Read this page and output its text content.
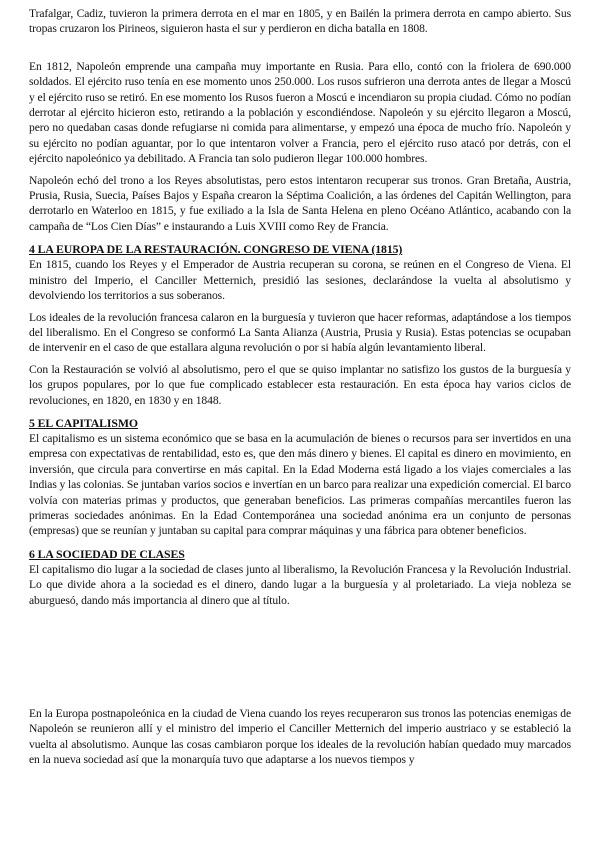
Trafalgar, Cadiz, tuvieron la primera derrota en el mar en 1805, y en Bailén la primera derrota en campo abierto. Sus tropas cruzaron los Pirineos, siguieron hasta el sur y perdieron en dicha batalla en 1808.

En 1812, Napoleón emprende una campaña muy importante en Rusia. Para ello, contó con la friolera de 690.000 soldados. El ejército ruso tenía en ese momento unos 250.000. Los rusos sufrieron una derrota antes de llegar a Moscú y el ejército ruso se retiró. En ese momento los Rusos fueron a Moscú e incendiaron su propia ciudad. Cómo no podían derrotar al ejército hicieron esto, retirando a la población y escondiéndose. Napoleón y su ejército llegaron a Moscú, pero no quedaban casas donde refugiarse ni comida para alimentarse, y empezó una época de mucho frío. Napoleón y su ejército no podían aguantar, por lo que intentaron volver a Francia, pero el ejército ruso atacó por detrás, con el ejército napoleónico ya debilitado. A Francia tan solo pudieron llegar 100.000 hombres.

Napoleón echó del trono a los Reyes absolutistas, pero estos intentaron recuperar sus tronos. Gran Bretaña, Austria, Prusia, Rusia, Suecia, Países Bajos y España crearon la Séptima Coalición, a las órdenes del Capitán Wellington, para derrotarlo en Waterloo en 1815, y fue exiliado a la Isla de Santa Helena en pleno Océano Atlántico, acabando con la campaña de “Los Cien Días” e instaurando a Luis XVIII como Rey de Francia.

4 LA EUROPA DE LA RESTAURACIÓN. CONGRESO DE VIENA (1815)

En 1815, cuando los Reyes y el Emperador de Austria recuperan su corona, se reúnen en el Congreso de Viena. El ministro del Imperio, el Canciller Metternich, presidió las sesiones, declarándose la vuelta al absolutismo y devolviendo los territorios a sus soberanos.

Los ideales de la revolución francesa calaron en la burguesía y tuvieron que hacer reformas, adaptándose a los tiempos del liberalismo. En el Congreso se conformó La Santa Alianza (Austria, Prusia y Rusia). Estas potencias se ocupaban de intervenir en el caso de que estallara alguna revolución o por si había algún levantamiento liberal.

Con la Restauración se volvió al absolutismo, pero el que se quiso implantar no satisfizo los gustos de la burguesía y los grupos populares, por lo que fue complicado establecer esta restauración. En esta época hay varios ciclos de revoluciones, en 1820, en 1830 y en 1848.

5 EL CAPITALISMO

El capitalismo es un sistema económico que se basa en la acumulación de bienes o recursos para ser invertidos en una empresa con expectativas de rentabilidad, esto es, que den más dinero y bienes. El capital es dinero en movimiento, en inversión, que circula para convertirse en más capital. En la Edad Moderna está ligado a los viajes comerciales a las Indias y las colonias. Se juntaban varios socios e invertían en un barco para realizar una expedición comercial. El barco volvía con materias primas y productos, que generaban beneficios. Las primeras compañías mercantiles fueron las primeras sociedades anónimas. En la Edad Contemporánea una sociedad anónima era un conjunto de personas (empresas) que se reunían y juntaban su capital para comprar máquinas y una fábrica para obtener beneficios.

6 LA SOCIEDAD DE CLASES

El capitalismo dio lugar a la sociedad de clases junto al liberalismo, la Revolución Francesa y la Revolución Industrial. Lo que divide ahora a la sociedad es el dinero, dando lugar a la burguesía y al proletariado. La vieja nobleza se aburguesó, dando más importancia al dinero que al título.

En la Europa postnapoleónica en la ciudad de Viena cuando los reyes recuperaron sus tronos las potencias enemigas de Napoleón se reunieron allí y el ministro del imperio el Canciller Metternich del imperio austriaco y se estableció la vuelta al absolutismo. Aunque las cosas cambiaron porque los ideales de la revolución habían quedado muy marcados en la nueva sociedad así que la monarquía tuvo que adaptarse a los nuevos tiempos y
